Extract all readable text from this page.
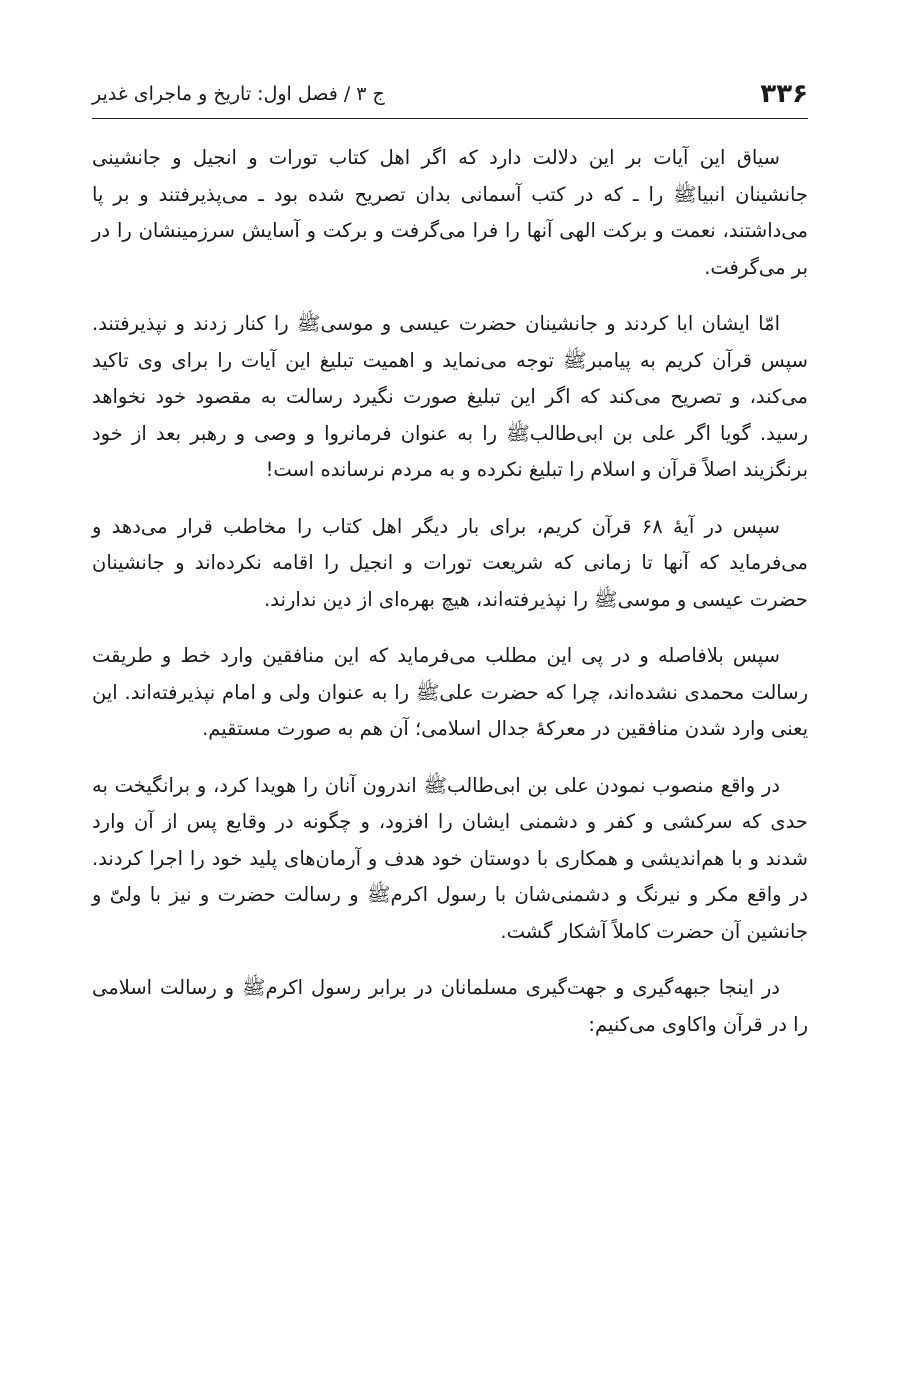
۳۳۶
ج ۳ / فصل اول: تاریخ و ماجرای غدیر

سیاق این آیات بر این دلالت دارد که اگر اهل کتاب تورات و انجیل و جانشینی جانشینان انبیاﷺ را ـ که در کتب آسمانی بدان تصریح شده بود ـ می‌پذیرفتند و بر پا می‌داشتند، نعمت و برکت الهی آنها را فرا می‌گرفت و برکت و آسایش سرزمینشان را در بر می‌گرفت.

امّا ایشان ابا کردند و جانشینان حضرت عیسی و موسیﷺ را کنار زدند و نپذیرفتند. سپس قرآن کریم به پیامبرﷺ توجه می‌نماید و اهمیت تبلیغ این آیات را برای وی تاکید می‌کند، و تصریح می‌کند که اگر این تبلیغ صورت نگیرد رسالت به مقصود خود نخواهد رسید. گویا اگر علی بن ابی‌طالبﷺ را به عنوان فرمانروا و وصی و رهبر بعد از خود برنگزیند اصلاً قرآن و اسلام را تبلیغ نکرده و به مردم نرسانده است!

سپس در آیهٔ ۶۸ قرآن کریم، برای بار دیگر اهل کتاب را مخاطب قرار می‌دهد و می‌فرماید که آنها تا زمانی که شریعت تورات و انجیل را اقامه نکرده‌اند و جانشینان حضرت عیسی و موسیﷺ را نپذیرفته‌اند، هیچ بهره‌ای از دین ندارند.

سپس بلافاصله و در پی این مطلب می‌فرماید که این منافقین وارد خط و طریقت رسالت محمدی نشده‌اند، چرا که حضرت علیﷺ را به عنوان ولی و امام نپذیرفته‌اند. این یعنی وارد شدن منافقین در معرکهٔ جدال اسلامی؛ آن هم به صورت مستقیم.

در واقع منصوب نمودن علی بن ابی‌طالبﷺ اندرون آنان را هویدا کرد، و برانگیخت به حدی که سرکشی و کفر و دشمنی ایشان را افزود، و چگونه در وقایع پس از آن وارد شدند و با هم‌اندیشی و همکاری با دوستان خود هدف و آرمان‌های پلید خود را اجرا کردند. در واقع مکر و نیرنگ و دشمنی‌شان با رسول اکرمﷺ و رسالت حضرت و نیز با ولیّ و جانشین آن حضرت کاملاً آشکار گشت.

در اینجا جبهه‌گیری و جهت‌گیری مسلمانان در برابر رسول اکرمﷺ و رسالت اسلامی را در قرآن واکاوی می‌کنیم:
